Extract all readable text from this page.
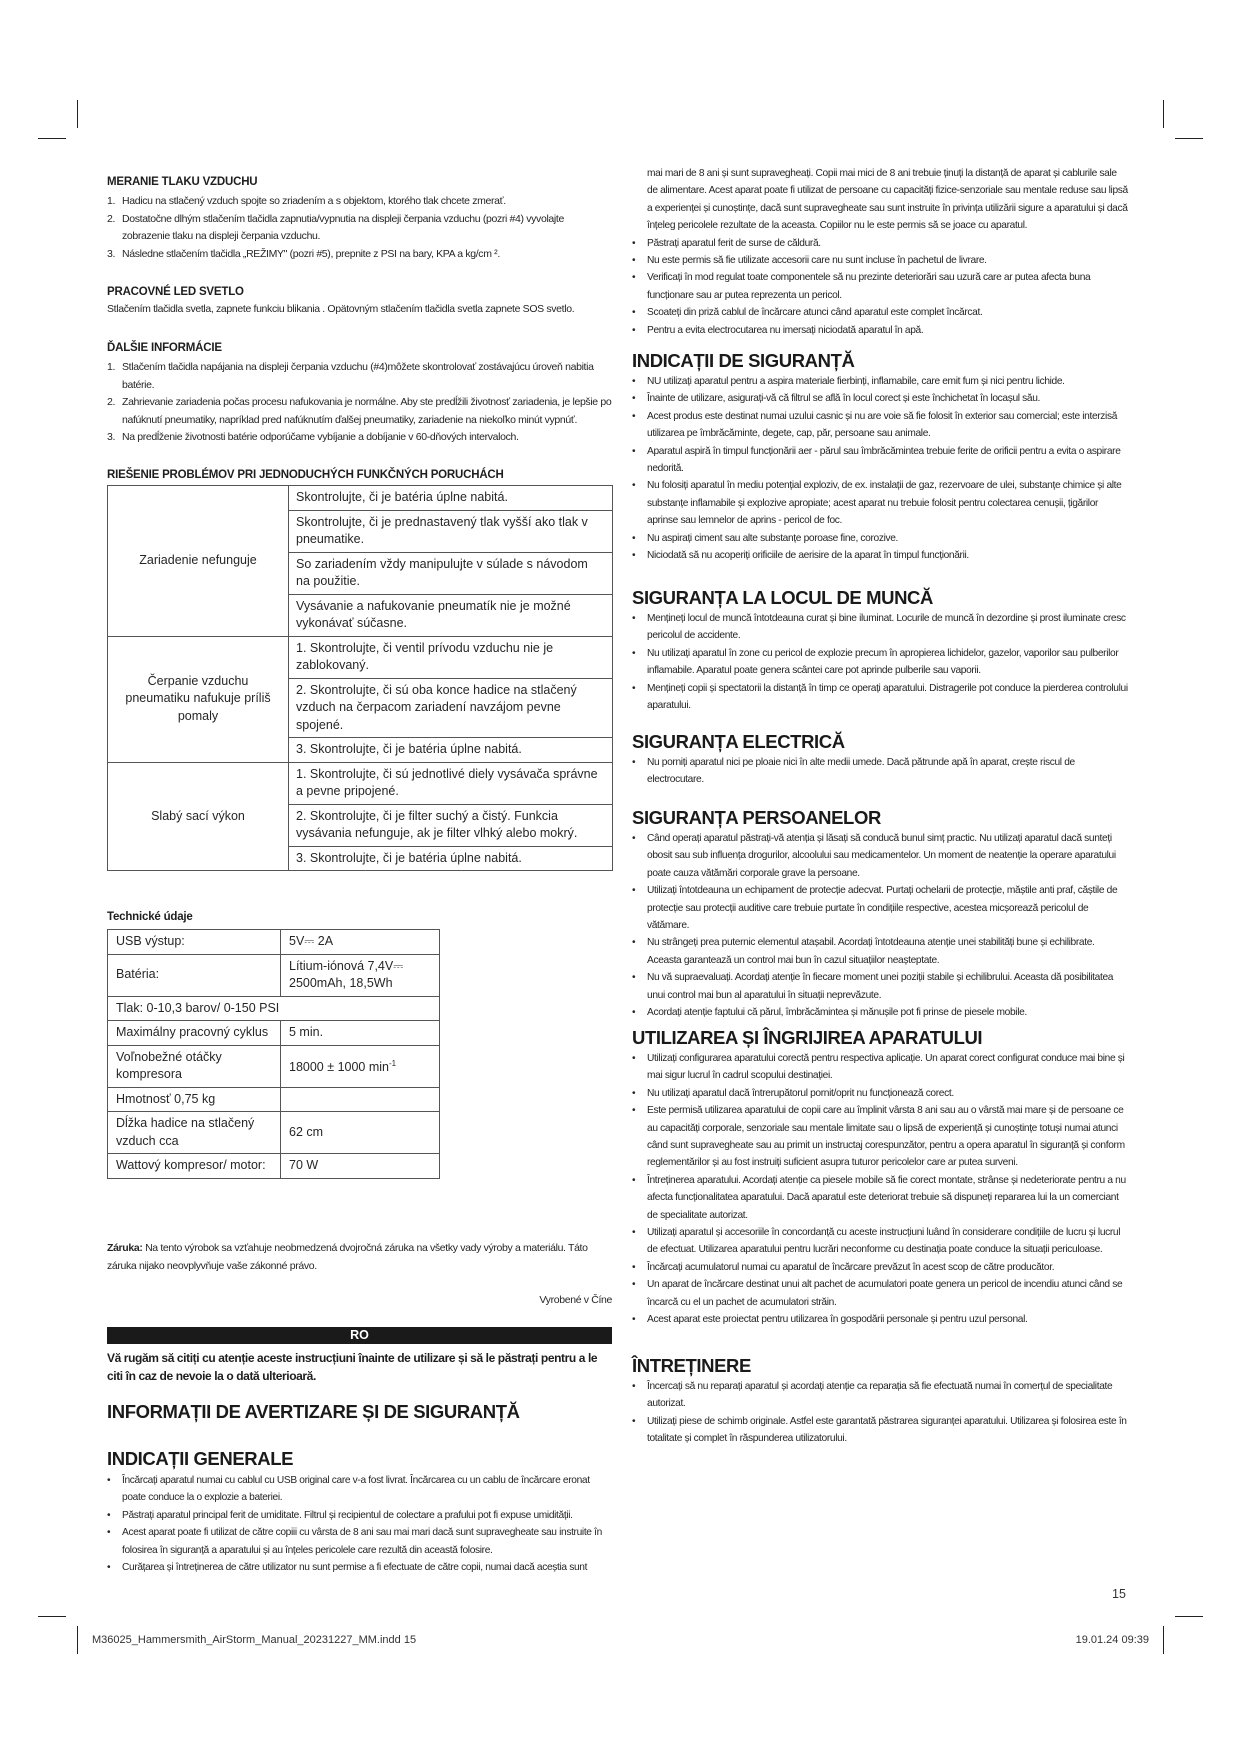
MERANIE TLAKU VZDUCHU
1. Hadicu na stlačený vzduch spojte so zriadením a s objektom, ktorého tlak chcete zmerať.
2. Dostatočne dlhým stlačením tlačidla zapnutia/vypnutia na displeji čerpania vzduchu (pozri #4) vyvolajte zobrazenie tlaku na displeji čerpania vzduchu.
3. Následne stlačením tlačidla „REŽIMY" (pozri #5), prepnite z PSI na bary, KPA a kg/cm ².
PRACOVNÉ LED SVETLO
Stlačením tlačidla svetla, zapnete funkciu blikania . Opätovným stlačením tlačidla svetla zapnete SOS svetlo.
ĎALŠIE INFORMÁCIE
1. Stlačením tlačidla napájania na displeji čerpania vzduchu (#4)môžete skontrolovať zostávajúcu úroveň nabitia batérie.
2. Zahrievanie zariadenia počas procesu nafukovania je normálne. Aby ste predĺžili životnosť zariadenia, je lepšie po nafúknutí pneumatiky, napríklad pred nafúknutím ďalšej pneumatiky, zariadenie na niekoľko minút vypnúť.
3. Na predĺženie životnosti batérie odporúčame vybíjanie a dobíjanie v 60-dňových intervaloch.
RIEŠENIE PROBLÉMOV PRI JEDNODUCHÝCH FUNKČNÝCH PORUCHÁCH
Zariadenie nefunguje	Skontrolujte, či je batéria úplne nabitá.
	Skontrolujte, či je prednastavený tlak vyšší ako tlak v pneumatike.
	So zariadením vždy manipulujte v súlade s návodom na použitie.
	Vysávanie a nafukovanie pneumatík nie je možné vykonávať súčasne.
Čerpanie vzduchu pneumatiku nafukuje príliš pomaly	1. Skontrolujte, či ventil prívodu vzduchu nie je zablokovaný.
	2. Skontrolujte, či sú oba konce hadice na stlačený vzduch na čerpacom zariadení navzájom pevne spojené.
	3. Skontrolujte, či je batéria úplne nabitá.
Slabý sací výkon	1. Skontrolujte, či sú jednotlivé diely vysávača správne a pevne pripojené.
	2. Skontrolujte, či je filter suchý a čistý. Funkcia vysávania nefunguje, ak je filter vlhký alebo mokrý.
	3. Skontrolujte, či je batéria úplne nabitá.
Technické údaje
USB výstup:	5V⎓ 2A
Batéria:	Lítium-iónová 7,4V⎓ 2500mAh, 18,5Wh
Tlak: 0-10,3 barov/ 0-150 PSI	
Maximálny pracovný cyklus	5 min.
Voľnobežné otáčky kompresora	18000 ± 1000 $\min^{-1}$
Hmotnosť 0,75 kg	
Dĺžka hadice na stlačený vzduch cca	62 cm
Wattový kompresor/ motor:	70 W
Záruka: Na tento výrobok sa vzťahuje neobmedzená dvojročná záruka na všetky vady výroby a materiálu. Táto záruka nijako neovplyvňuje vaše zákonné právo.
Vyrobené v Číne
RO
Vă rugăm să citiți cu atenție aceste instrucțiuni înainte de utilizare și să le păstrați pentru a le citi în caz de nevoie la o dată ulterioară.
INFORMAȚII DE AVERTIZARE ȘI DE SIGURANȚĂ
INDICAȚII GENERALE
• Încărcați aparatul numai cu cablul cu USB original care v-a fost livrat. Încărcarea cu un cablu de încărcare eronat poate conduce la o explozie a bateriei.
• Păstrați aparatul principal ferit de umiditate. Filtrul și recipientul de colectare a prafului pot fi expuse umidității.
• Acest aparat poate fi utilizat de către copiii cu vârsta de 8 ani sau mai mari dacă sunt supravegheate sau instruite în folosirea în siguranță a aparatului și au înțeles pericolele care rezultă din această folosire.
• Curățarea și întreținerea de către utilizator nu sunt permise a fi efectuate de către copii, numai dacă aceștia sunt
mai mari de 8 ani și sunt supravegheați. Copii mai mici de 8 ani trebuie ținuți la distanță de aparat și cablurile sale de alimentare. Acest aparat poate fi utilizat de persoane cu capacități fizice-senzoriale sau mentale reduse sau lipsă a experienței și cunoștințe, dacă sunt supravegheate sau sunt instruite în privința utilizării sigure a aparatului și dacă înțeleg pericolele rezultate de la aceasta. Copiilor nu le este permis să se joace cu aparatul.
• Păstrați aparatul ferit de surse de căldură.
• Nu este permis să fie utilizate accesorii care nu sunt incluse în pachetul de livrare.
• Verificați în mod regulat toate componentele să nu prezinte deteriorări sau uzură care ar putea afecta buna funcționare sau ar putea reprezenta un pericol.
• Scoateți din priză cablul de încărcare atunci când aparatul este complet încărcat.
• Pentru a evita electrocutarea nu imersați niciodată aparatul în apă.
INDICAȚII DE SIGURANȚĂ
• NU utilizați aparatul pentru a aspira materiale fierbinți, inflamabile, care emit fum și nici pentru lichide.
• Înainte de utilizare, asigurați-vă că filtrul se află în locul corect și este închichetat în locașul său.
• Acest produs este destinat numai uzului casnic și nu are voie să fie folosit în exterior sau comercial; este interzisă utilizarea pe îmbrăcăminte, degete, cap, păr, persoane sau animale.
• Aparatul aspiră în timpul funcționării aer - părul sau îmbrăcămintea trebuie ferite de orificii pentru a evita o aspirare nedorită.
• Nu folosiți aparatul în mediu potențial exploziv, de ex. instalații de gaz, rezervoare de ulei, substanțe chimice și alte substanțe inflamabile și explozive apropiate; acest aparat nu trebuie folosit pentru colectarea cenușii, țigărilor aprinse sau lemnelor de aprins - pericol de foc.
• Nu aspirați ciment sau alte substanțe poroase fine, corozive.
• Niciodată să nu acoperiți orificiile de aerisire de la aparat în timpul funcționării.
SIGURANȚA LA LOCUL DE MUNCĂ
• Mențineți locul de muncă întotdeauna curat și bine iluminat. Locurile de muncă în dezordine și prost iluminate cresc pericolul de accidente.
• Nu utilizați aparatul în zone cu pericol de explozie precum în apropierea lichidelor, gazelor, vaporilor sau pulberilor inflamabile. Aparatul poate genera scântei care pot aprinde pulberile sau vaporii.
• Mențineți copii și spectatorii la distanță în timp ce operați aparatului. Distragerile pot conduce la pierderea controlului aparatului.
SIGURANȚA ELECTRICĂ
• Nu porniți aparatul nici pe ploaie nici în alte medii umede. Dacă pătrunde apă în aparat, crește riscul de electrocutare.
SIGURANȚA PERSOANELOR
• Când operați aparatul păstrați-vă atenția și lăsați să conducă bunul simț practic. Nu utilizați aparatul dacă sunteți obosit sau sub influența drogurilor, alcoolului sau medicamentelor. Un moment de neatenție la operare aparatului poate cauza vătămări corporale grave la persoane.
• Utilizați întotdeauna un echipament de protecție adecvat. Purtați ochelarii de protecție, măștile anti praf, căștile de protecție sau protecții auditive care trebuie purtate în condițiile respective, acestea micșorează pericolul de vătămare.
• Nu strângeți prea puternic elementul atașabil. Acordați întotdeauna atenție unei stabilități bune și echilibrate. Aceasta garantează un control mai bun în cazul situațiilor neașteptate.
• Nu vă supraevaluați. Acordați atenție în fiecare moment unei poziții stabile și echilibrului. Aceasta dă posibilitatea unui control mai bun al aparatului în situații neprevăzute.
• Acordați atenție faptului că părul, îmbrăcămintea și mănușile pot fi prinse de piesele mobile.
UTILIZAREA ȘI ÎNGRIJIREA APARATULUI
• Utilizați configurarea aparatului corectă pentru respectiva aplicație. Un aparat corect configurat conduce mai bine și mai sigur lucrul în cadrul scopului destinației.
• Nu utilizați aparatul dacă întrerupătorul pornit/oprit nu funcționează corect.
• Este permisă utilizarea aparatului de copii care au împlinit vârsta 8 ani sau au o vârstă mai mare și de persoane ce au capacități corporale, senzoriale sau mentale limitate sau o lipsă de experiență și cunoștințe totuși numai atunci când sunt supravegheate sau au primit un instructaj corespunzător, pentru a opera aparatul în siguranță și conform reglementărilor și au fost instruiți suficient asupra tuturor pericolelor care ar putea surveni.
• Întreținerea aparatului. Acordați atenție ca piesele mobile să fie corect montate, strânse și nedeteriorate pentru a nu afecta funcționalitatea aparatului. Dacă aparatul este deteriorat trebuie să dispuneți repararea lui la un comerciant de specialitate autorizat.
• Utilizați aparatul și accesoriile în concordanță cu aceste instrucțiuni luând în considerare condițiile de lucru și lucrul de efectuat. Utilizarea aparatului pentru lucrări neconforme cu destinația poate conduce la situații periculoase.
• Încărcați acumulatorul numai cu aparatul de încărcare prevăzut în acest scop de către producător.
• Un aparat de încărcare destinat unui alt pachet de acumulatori poate genera un pericol de incendiu atunci când se încarcă cu el un pachet de acumulatori străin.
• Acest aparat este proiectat pentru utilizarea în gospodării personale și pentru uzul personal.
ÎNTREȚINERE
• Încercați să nu reparați aparatul și acordați atenție ca reparația să fie efectuată numai în comerțul de specialitate autorizat.
• Utilizați piese de schimb originale. Astfel este garantată păstrarea siguranței aparatului. Utilizarea și folosirea este în totalitate și complet în răspunderea utilizatorului.
15
M36025_Hammersmith_AirStorm_Manual_20231227_MM.indd 15	19.01.24 09:39
